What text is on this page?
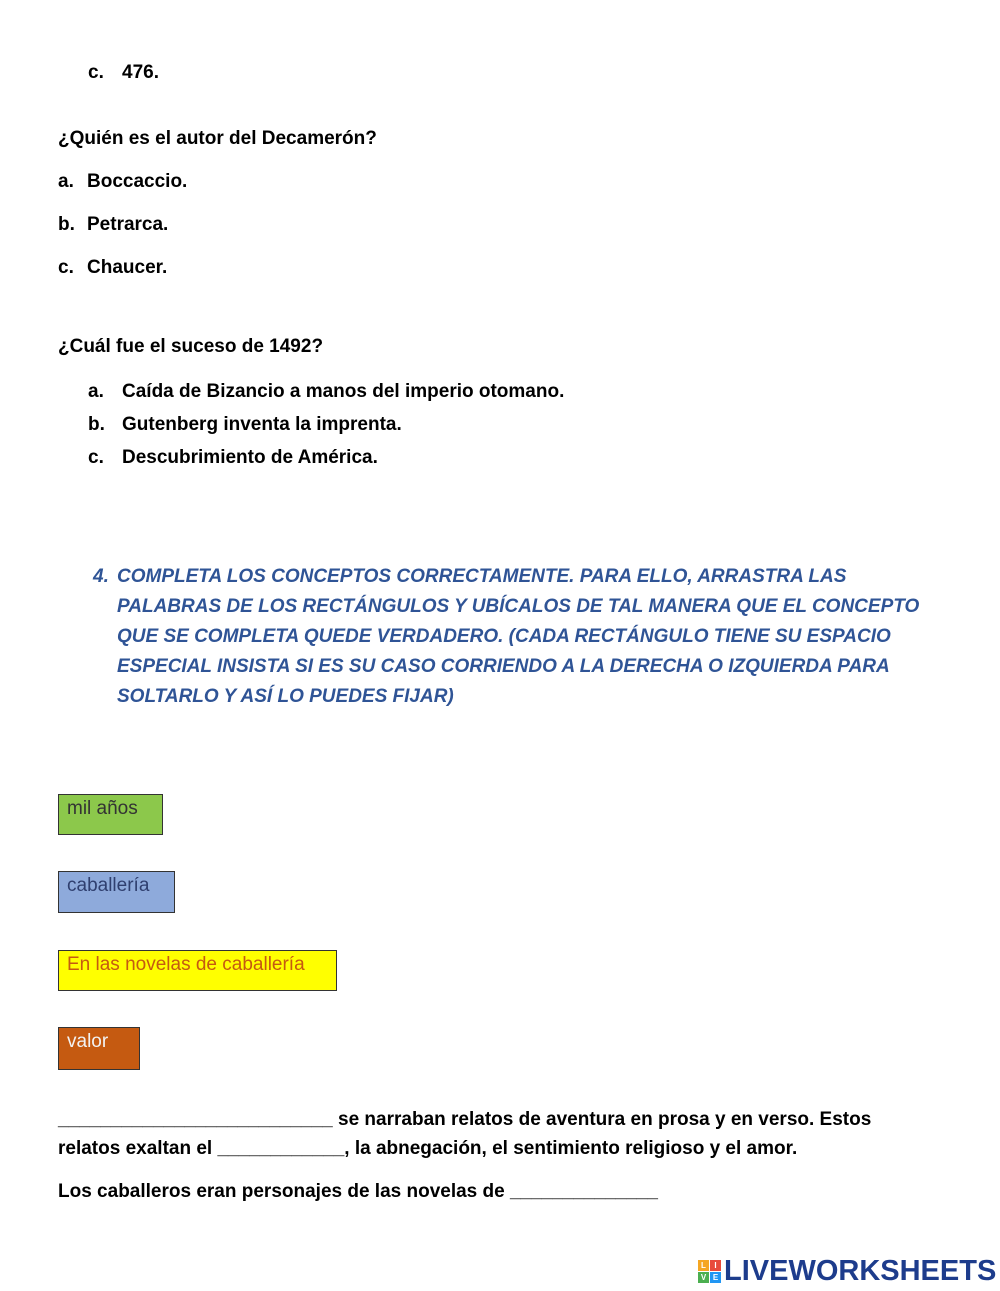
c. 476.
¿Quién es el autor del Decamerón?
a. Boccaccio.
b. Petrarca.
c. Chaucer.
¿Cuál fue el suceso de 1492?
a. Caída de Bizancio a manos del imperio otomano.
b. Gutenberg inventa la imprenta.
c. Descubrimiento de América.
4. COMPLETA LOS CONCEPTOS CORRECTAMENTE. PARA ELLO, ARRASTRA LAS PALABRAS DE LOS RECTÁNGULOS Y UBÍCALOS DE TAL MANERA QUE EL CONCEPTO QUE SE COMPLETA QUEDE VERDADERO. (CADA RECTÁNGULO TIENE SU ESPACIO ESPECIAL INSISTA SI ES SU CASO CORRIENDO A LA DERECHA O IZQUIERDA PARA SOLTARLO Y ASÍ LO PUEDES FIJAR)
mil años
caballería
En las novelas de caballería
valor
__________________________ se narraban relatos de aventura en prosa y en verso. Estos
relatos exaltan el ____________, la abnegación, el sentimiento religioso y el amor.
Los caballeros eran personajes de las novelas de ______________
L	I
V E LIVEWORKSHEETS
